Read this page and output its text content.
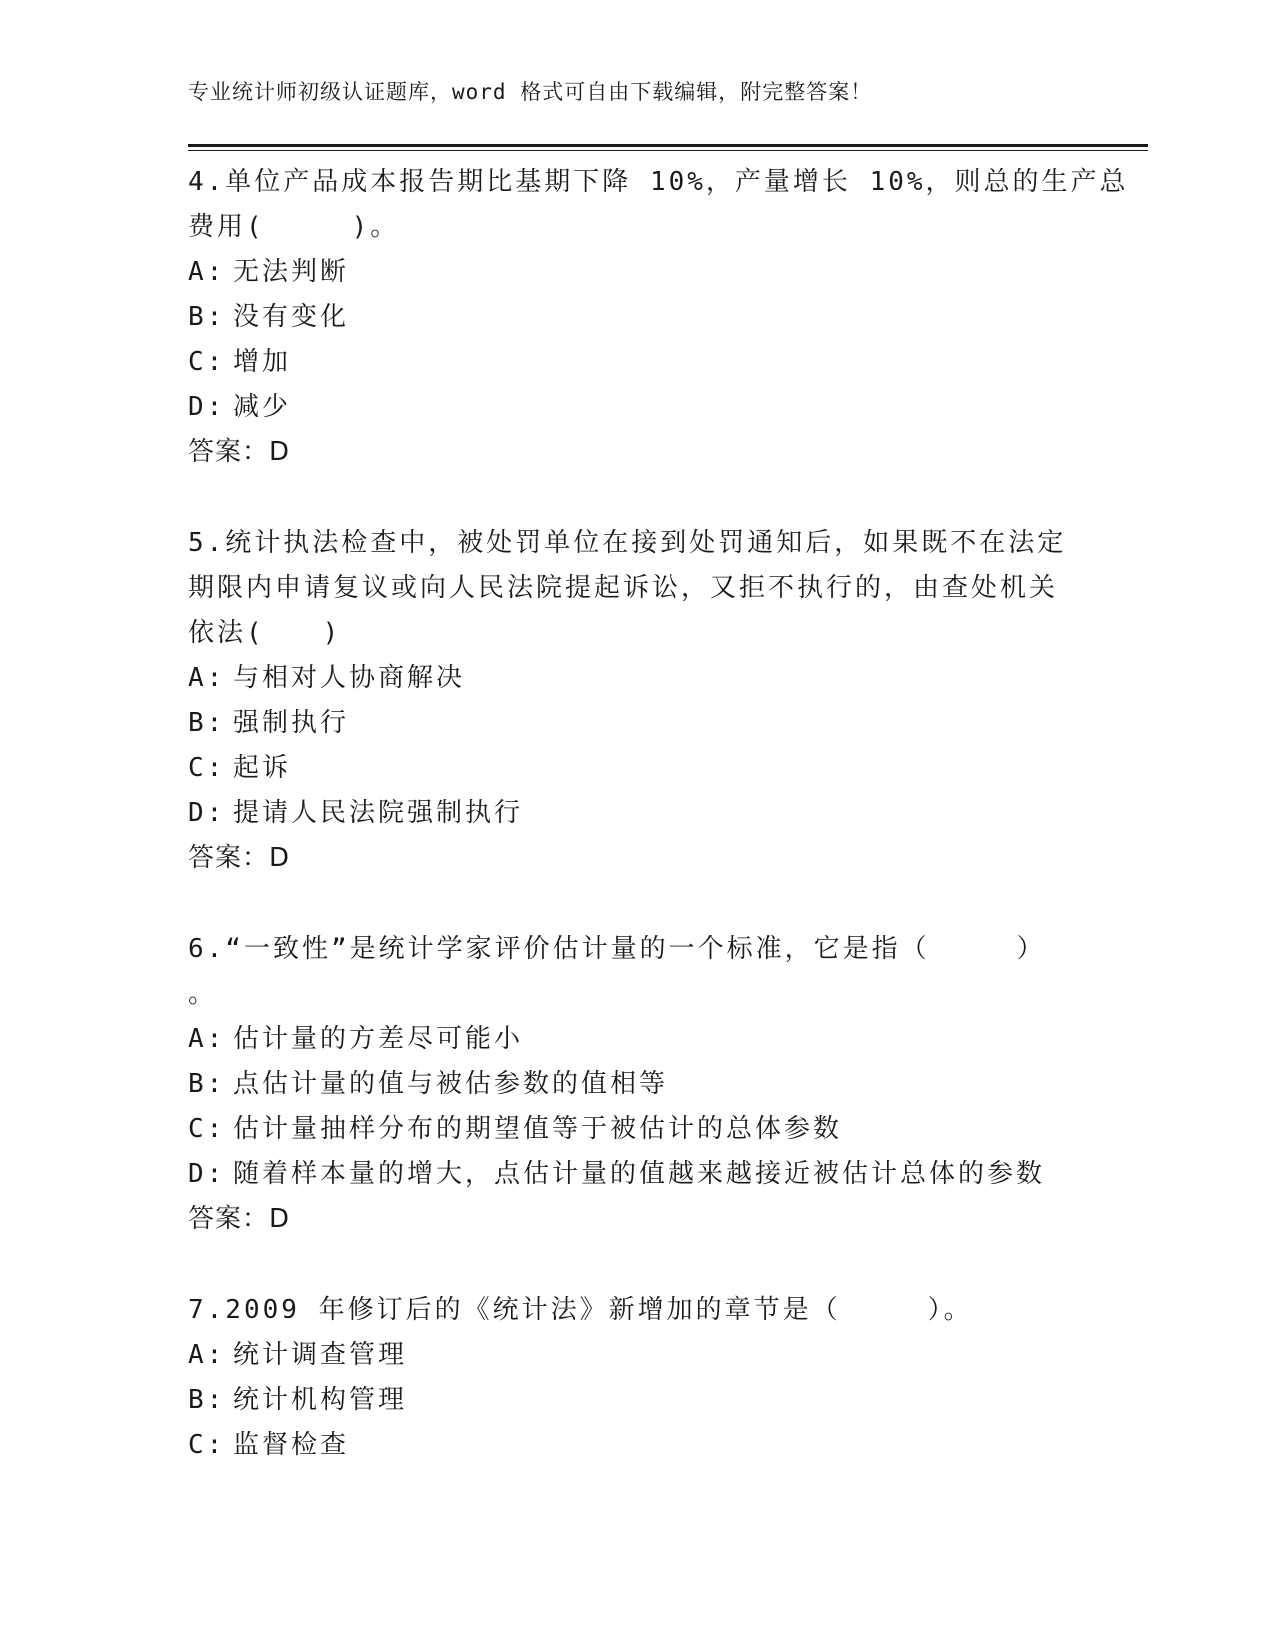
专业统计师初级认证题库，word 格式可自由下载编辑，附完整答案！
4.单位产品成本报告期比基期下降 10%，产量增长 10%，则总的生产总
费用(　　　)。
A: 无法判断
B: 没有变化
C: 增加
D: 减少
答案：D
5.统计执法检查中，被处罚单位在接到处罚通知后，如果既不在法定
期限内申请复议或向人民法院提起诉讼，又拒不执行的，由查处机关
依法(　　)
A: 与相对人协商解决
B: 强制执行
C: 起诉
D: 提请人民法院强制执行
答案：D
6.“一致性”是统计学家评价估计量的一个标准，它是指（　　　）
。
A: 估计量的方差尽可能小
B: 点估计量的值与被估参数的值相等
C: 估计量抽样分布的期望值等于被估计的总体参数
D: 随着样本量的增大，点估计量的值越来越接近被估计总体的参数
答案：D
7.2009 年修订后的《统计法》新增加的章节是（　　　）。
A: 统计调查管理
B: 统计机构管理
C: 监督检查
